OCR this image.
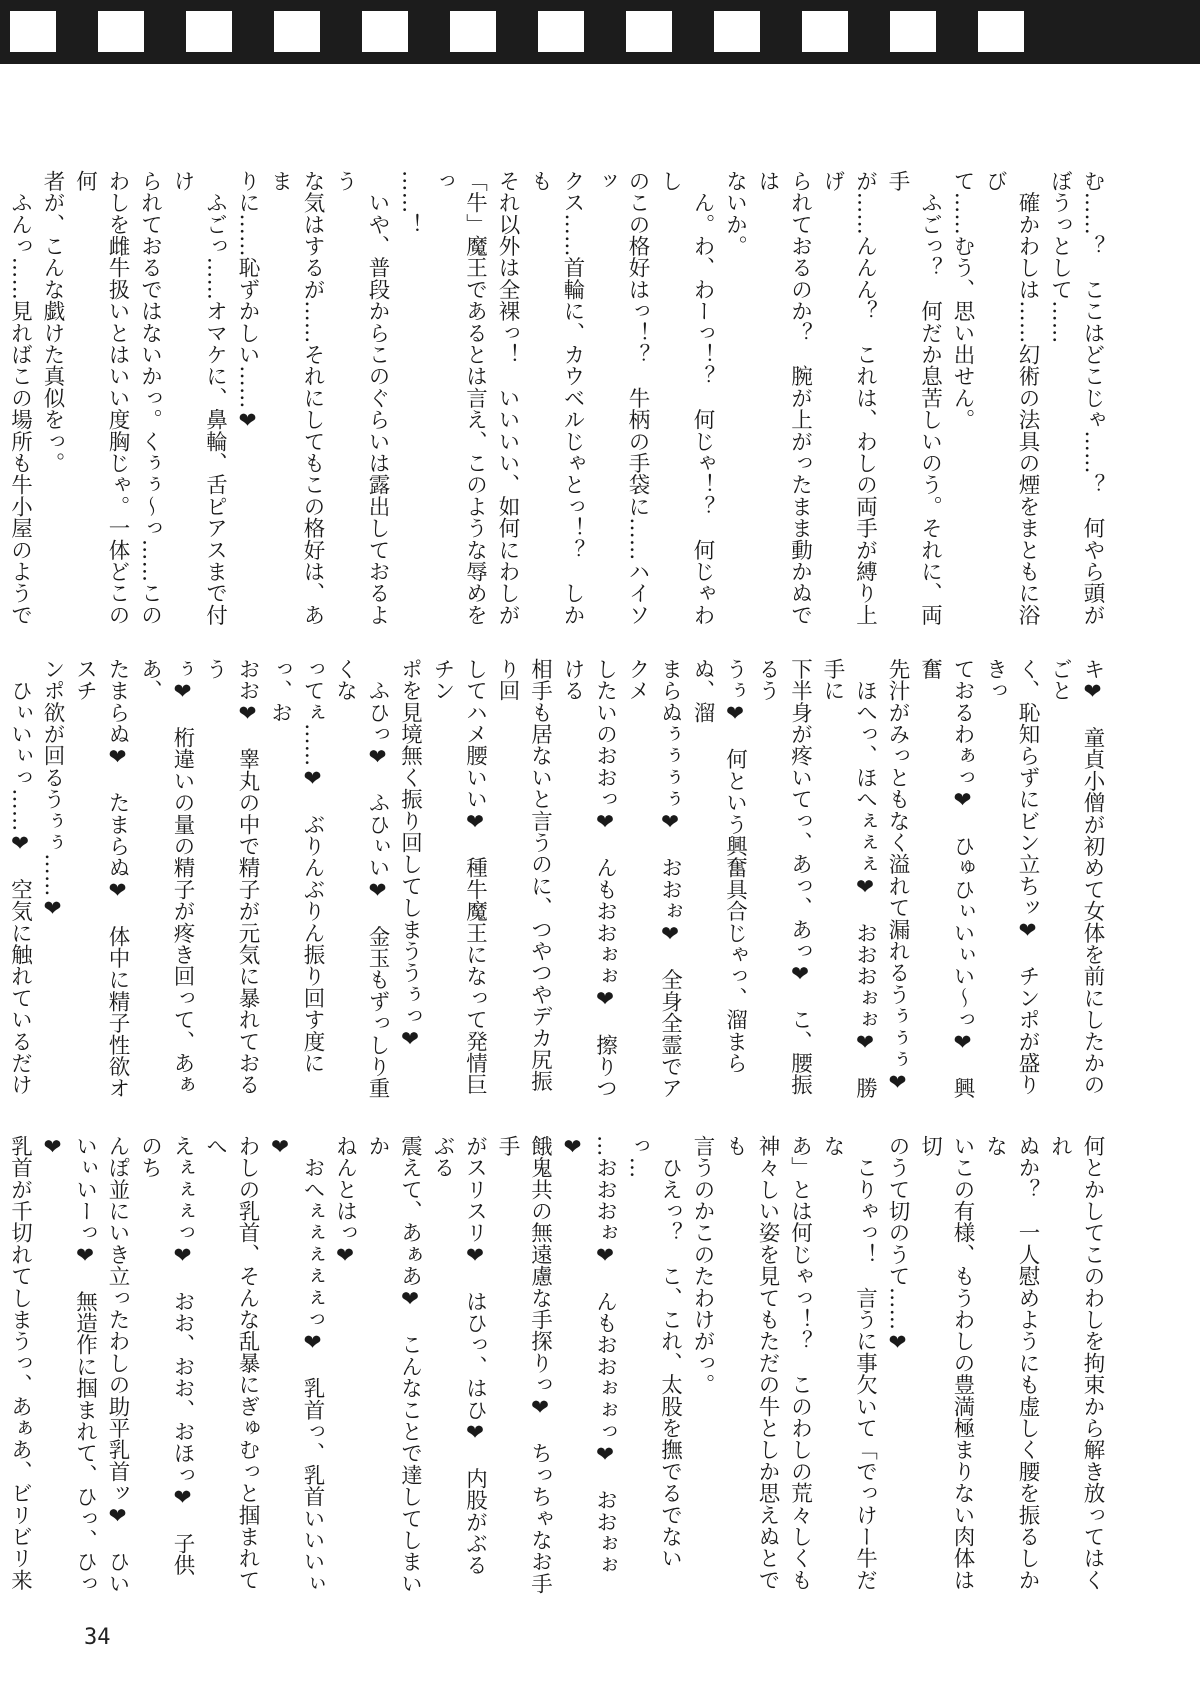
む……？　ここはどこじゃ……？　何やら頭が

ぼうっとして……

　確かわしは……幻術の法具の煙をまともに浴び

て……むう、思い出せん。

　ふごっ？　何だか息苦しいのう。それに、両手

が……んんん？　これは、わしの両手が縛り上げ

られておるのか？　腕が上がったまま動かぬでは

ないか。

　ん。わ、わーっ！？　何じゃ！？　何じゃわし

のこの格好はっ！？　牛柄の手袋に……ハイソッ

クス……首輪に、カウベルじゃとっ！？　しかも

それ以外は全裸っ！　いいいい、如何にわしが

「牛」魔王であるとは言え、このような辱めをっ

……！

　いや、普段からこのぐらいは露出しておるよう

な気はするが……それにしてもこの格好は、あま

りに……恥ずかしい……❤

　ふごっ……オマケに、鼻輪、舌ピアスまで付け

られておるではないかっ。くぅぅ～っ……この

わしを雌牛扱いとはいい度胸じゃ。一体どこの何

者が、こんな戯けた真似をっ。

　ふんっ……見ればこの場所も牛小屋のようで

キ❤　童貞小僧が初めて女体を前にしたかのごと

く、恥知らずにビン立ちッ❤　チンポが盛りきっ

ておるわぁっ❤　ひゅひぃいぃい～っ❤　興奮

先汁がみっともなく溢れて漏れるうぅぅぅ❤

　ほへっ、ほへぇぇぇ❤　おおおぉぉ❤　勝手に

下半身が疼いてっ、あっ、あっ❤　こ、腰振るう

うぅ❤　何という興奮具合じゃっ、溜まらぬ、溜

まらぬぅぅぅぅ❤　おおぉ❤　全身全霊でアクメ

したいのおおっ❤　んもおおぉぉ❤　擦りつける

相手も居ないと言うのに、つやつやデカ尻振り回

してハメ腰いい❤　種牛魔王になって発情巨チン

ポを見境無く振り回してしまううぅっ❤

　ふひっ❤　ふひぃい❤　金玉もずっしり重くな

ってぇ……❤　ぶりんぶりん振り回す度にっ、お

おお❤　睾丸の中で精子が元気に暴れておるう

ぅ❤　桁違いの量の精子が疼き回って、あぁあ、

たまらぬ❤　たまらぬ❤　体中に精子性欲オスチ

ンポ欲が回るうぅぅ……❤

　ひぃいぃっ……❤　空気に触れているだけ

何とかしてこのわしを拘束から解き放ってはくれ

ぬか？　一人慰めようにも虚しく腰を振るしかな

いこの有様、もうわしの豊満極まりない肉体は切

のうて切のうて……❤

　こりゃっ！　言うに事欠いて「でっけー牛だな

あ」とは何じゃっ！？　このわしの荒々しくも

神々しい姿を見てもただの牛としか思えぬとでも

言うのかこのたわけがっ。

　ひえっ？　こ、これ、太股を撫でるでないっ…

…おおおぉ❤　んもおおぉぉっ❤　おおぉぉ❤

餓鬼共の無遠慮な手探りっ❤　ちっちゃなお手手

がスリスリ❤　はひっ、はひ❤　内股がぶるぶる

震えて、あぁあ❤　こんなことで達してしまいか

ねんとはっ❤

　おへぇぇぇぇぇっ❤　乳首っ、乳首いいいぃ❤

わしの乳首、そんな乱暴にぎゅむっと掴まれてへ

えぇぇぇっ❤　おお、おお、おほっ❤　子供のち

んぽ並にいき立ったわしの助平乳首ッ❤　ひい

いぃいーっ❤　無造作に掴まれて、ひっ、ひっ❤

乳首が千切れてしまうっ、あぁあ、ビリビリ来

34
